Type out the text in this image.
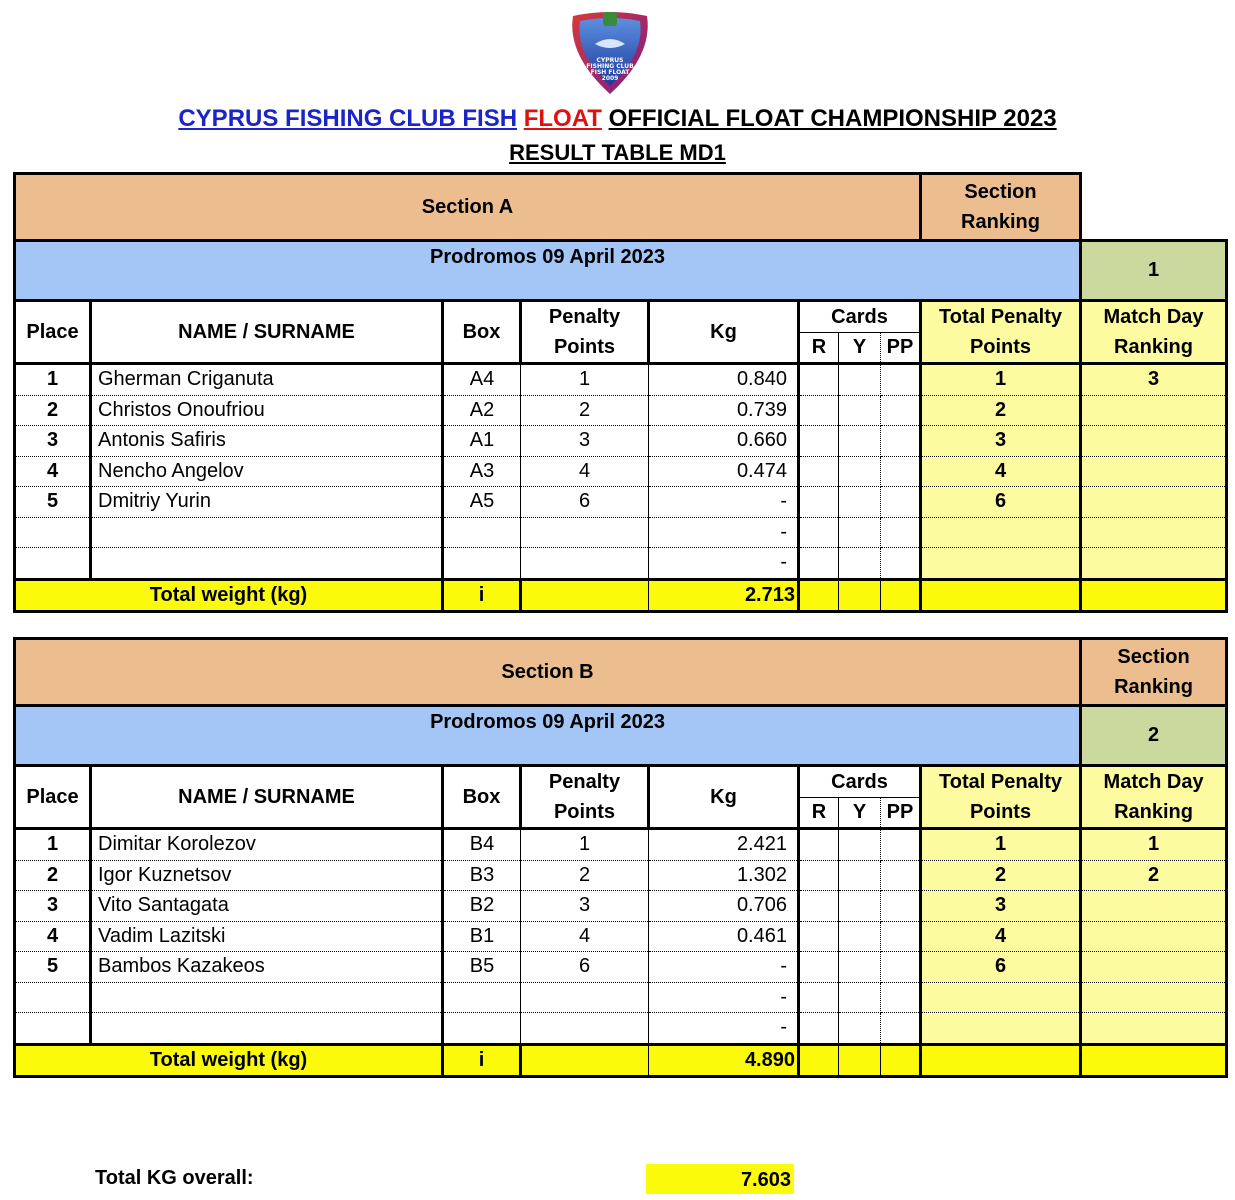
CYPRUS
FISHING CLUB
FISH FLOAT
2009
CYPRUS FISHING CLUB FISH FLOAT OFFICIAL FLOAT CHAMPIONSHIP 2023
RESULT TABLE MD1
Section A								Section
Ranking	
Prodromos 09 April 2023									1
Place	NAME / SURNAME	Box	Penalty
Points	Kg	Cards			Total Penalty
Points	Match Day
Ranking
					R	Y	PP		
1	Gherman Criganuta	A4	1	0.840				1	3
2	Christos Onoufriou	A2	2	0.739				2	
3	Antonis Safiris	A1	3	0.660				3	
4	Nencho Angelov	A3	4	0.474				4	
5	Dmitriy Yurin	A5	6	-				6	
				-					
				-					
Total weight (kg)		i		2.713					
Section B									Section
Ranking
Prodromos 09 April 2023									2
Place	NAME / SURNAME	Box	Penalty
Points	Kg	Cards			Total Penalty
Points	Match Day
Ranking
					R	Y	PP		
1	Dimitar Korolezov	B4	1	2.421				1	1
2	Igor Kuznetsov	B3	2	1.302				2	2
3	Vito Santagata	B2	3	0.706				3	
4	Vadim Lazitski	B1	4	0.461				4	
5	Bambos Kazakeos	B5	6	-				6	
				-					
				-					
Total weight (kg)		i		4.890					
Total KG overall:	7.603
